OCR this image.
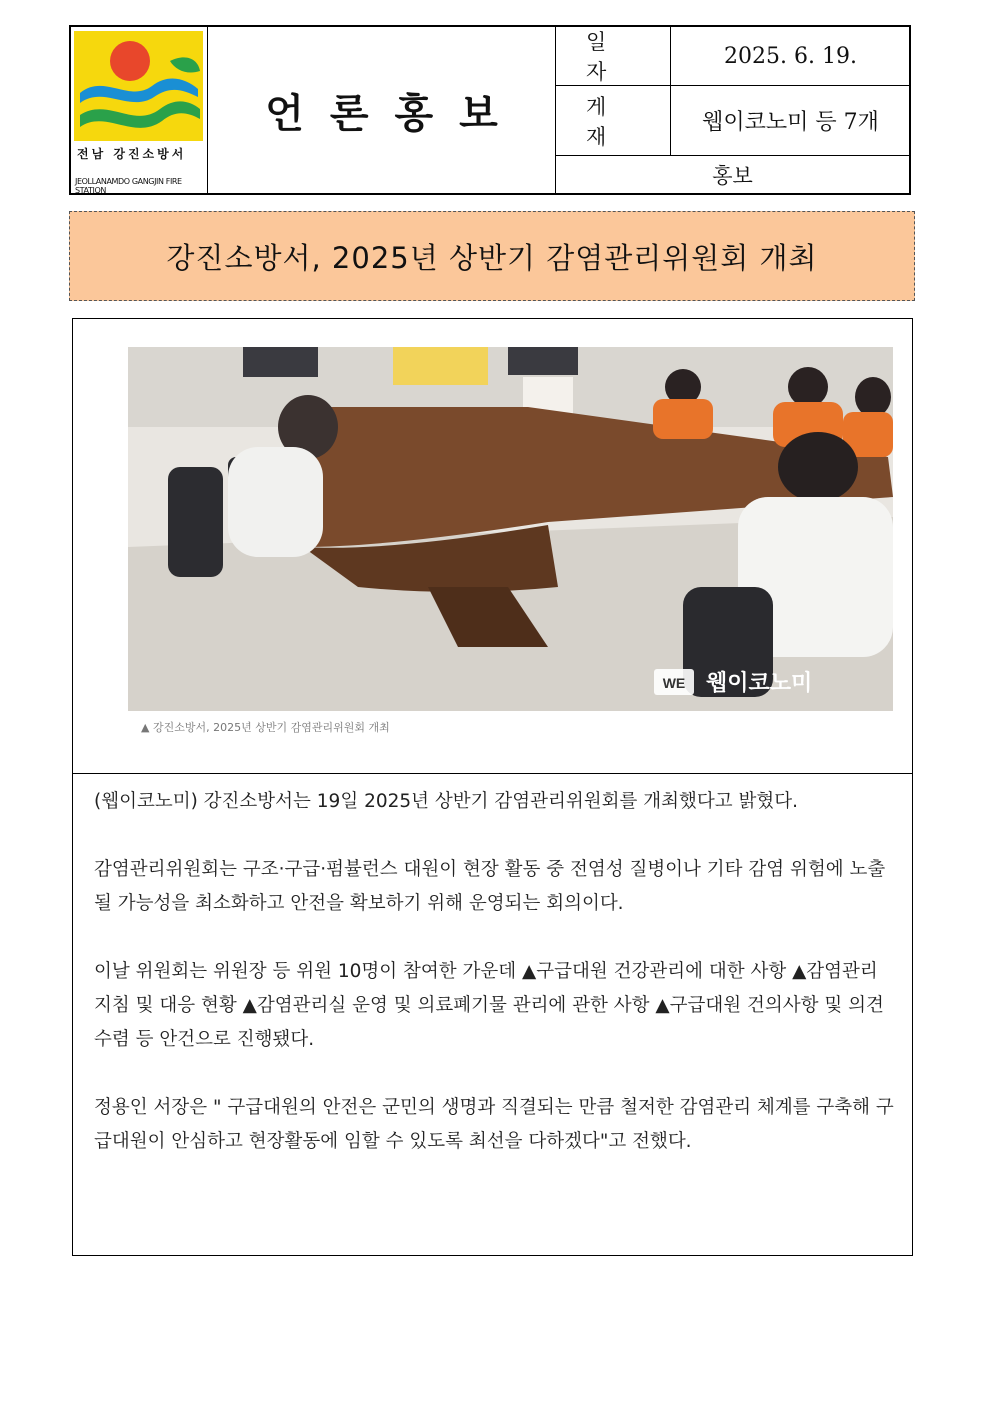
전남 강진소방서
JEOLLANAMDO GANGJIN FIRE STATION
언론홍보
일자
2025. 6. 19.
게재
웹이코노미 등 7개
홍보
강진소방서, 2025년 상반기 감염관리위원회 개최
WE 웹이코노미
▲ 강진소방서, 2025년 상반기 감염관리위원회 개최

(웹이코노미) 강진소방서는 19일 2025년 상반기 감염관리위원회를 개최했다고 밝혔다.

감염관리위원회는 구조·구급·펌뷸런스 대원이 현장 활동 중 전염성 질병이나 기타 감염 위험에 노출될 가능성을 최소화하고 안전을 확보하기 위해 운영되는 회의이다.

이날 위원회는 위원장 등 위원 10명이 참여한 가운데 ▲구급대원 건강관리에 대한 사항 ▲감염관리 지침 및 대응 현황 ▲감염관리실 운영 및 의료폐기물 관리에 관한 사항 ▲구급대원 건의사항 및 의견수렴 등 안건으로 진행됐다.

정용인 서장은 " 구급대원의 안전은 군민의 생명과 직결되는 만큼 철저한 감염관리 체계를 구축해 구급대원이 안심하고 현장활동에 임할 수 있도록 최선을 다하겠다"고 전했다.
